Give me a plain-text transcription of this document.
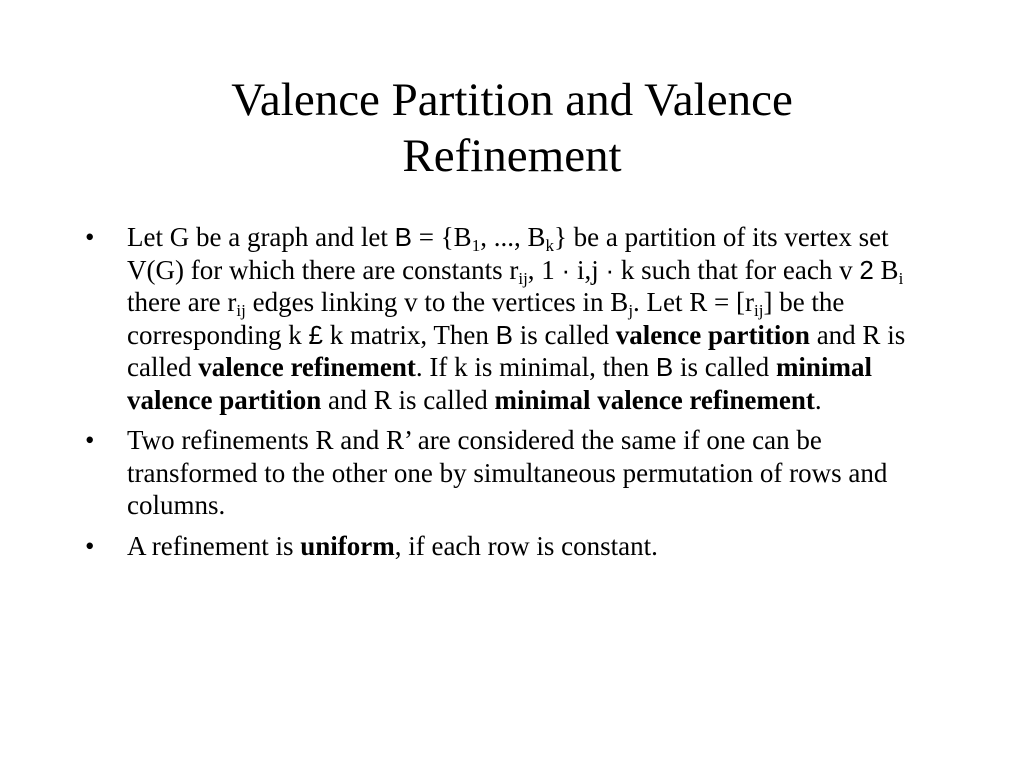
Valence Partition and Valence
Refinement
•	Let G be a graph and let $B = \{B_1$, ..., $B_k$} be a partition of its vertex set V(G) for which there are constants $r_{ij}$, 1 · i,j · k such that for each v 2 $B_i$ there are $r_{ij}$ edges linking v to the vertices in $B_j$. Let $R = [r_{ij}]$ be the corresponding k £ k matrix, Then B is called valence partition and R is called valence refinement. If k is minimal, then B is called minimal valence partition and R is called minimal valence refinement.
•	Two refinements R and R’ are considered the same if one can be transformed to the other one by simultaneous permutation of rows and columns.
•	A refinement is uniform, if each row is constant.
